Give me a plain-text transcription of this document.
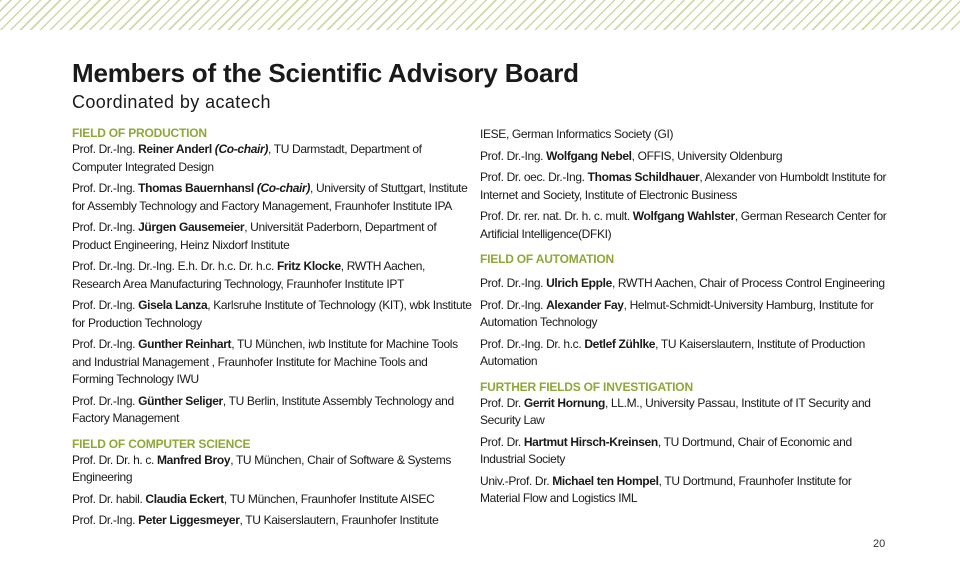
Members of the Scientific Advisory Board

Coordinated by acatech

FIELD OF PRODUCTION

Prof. Dr.-Ing. Reiner Anderl (Co-chair), TU Darmstadt, Department of Computer Integrated Design

Prof. Dr.-Ing. Thomas Bauernhansl (Co-chair), University of Stuttgart, Institute for Assembly Technology and Factory Management, Fraunhofer Institute IPA

Prof. Dr.-Ing. Jürgen Gausemeier, Universität Paderborn, Department of Product Engineering, Heinz Nixdorf Institute

Prof. Dr.-Ing. Dr.-Ing. E.h. Dr. h.c. Dr. h.c. Fritz Klocke, RWTH Aachen, Research Area Manufacturing Technology, Fraunhofer Institute IPT

Prof. Dr.-Ing. Gisela Lanza, Karlsruhe Institute of Technology (KIT), wbk Institute for Production Technology

Prof. Dr.-Ing. Gunther Reinhart, TU München, iwb Institute for Machine Tools and Industrial Management , Fraunhofer Institute for Machine Tools and Forming Technology IWU

Prof. Dr.-Ing. Günther Seliger, TU Berlin, Institute Assembly Technology and Factory Management

FIELD OF COMPUTER SCIENCE

Prof. Dr. Dr. h. c. Manfred Broy, TU München, Chair of Software & Systems Engineering

Prof. Dr. habil. Claudia Eckert, TU München, Fraunhofer Institute AISEC

Prof. Dr.-Ing. Peter Liggesmeyer, TU Kaiserslautern, Fraunhofer Institute

IESE, German Informatics Society (GI)

Prof. Dr.-Ing. Wolfgang Nebel, OFFIS, University Oldenburg

Prof. Dr. oec. Dr.-Ing. Thomas Schildhauer, Alexander von Humboldt Institute for Internet and Society, Institute of Electronic Business

Prof. Dr. rer. nat. Dr. h. c. mult. Wolfgang Wahlster, German Research Center for Artificial Intelligence(DFKI)

FIELD OF AUTOMATION

Prof. Dr.-Ing. Ulrich Epple, RWTH Aachen, Chair of Process Control Engineering

Prof. Dr.-Ing. Alexander Fay, Helmut-Schmidt-University Hamburg, Institute for Automation Technology

Prof. Dr.-Ing. Dr. h.c. Detlef Zühlke, TU Kaiserslautern, Institute of Production Automation

FURTHER FIELDS OF INVESTIGATION

Prof. Dr. Gerrit Hornung, LL.M., University Passau, Institute of IT Security and Security Law

Prof. Dr. Hartmut Hirsch-Kreinsen, TU Dortmund, Chair of Economic and Industrial Society

Univ.-Prof. Dr. Michael ten Hompel, TU Dortmund, Fraunhofer Institute for Material Flow and Logistics IML

20
